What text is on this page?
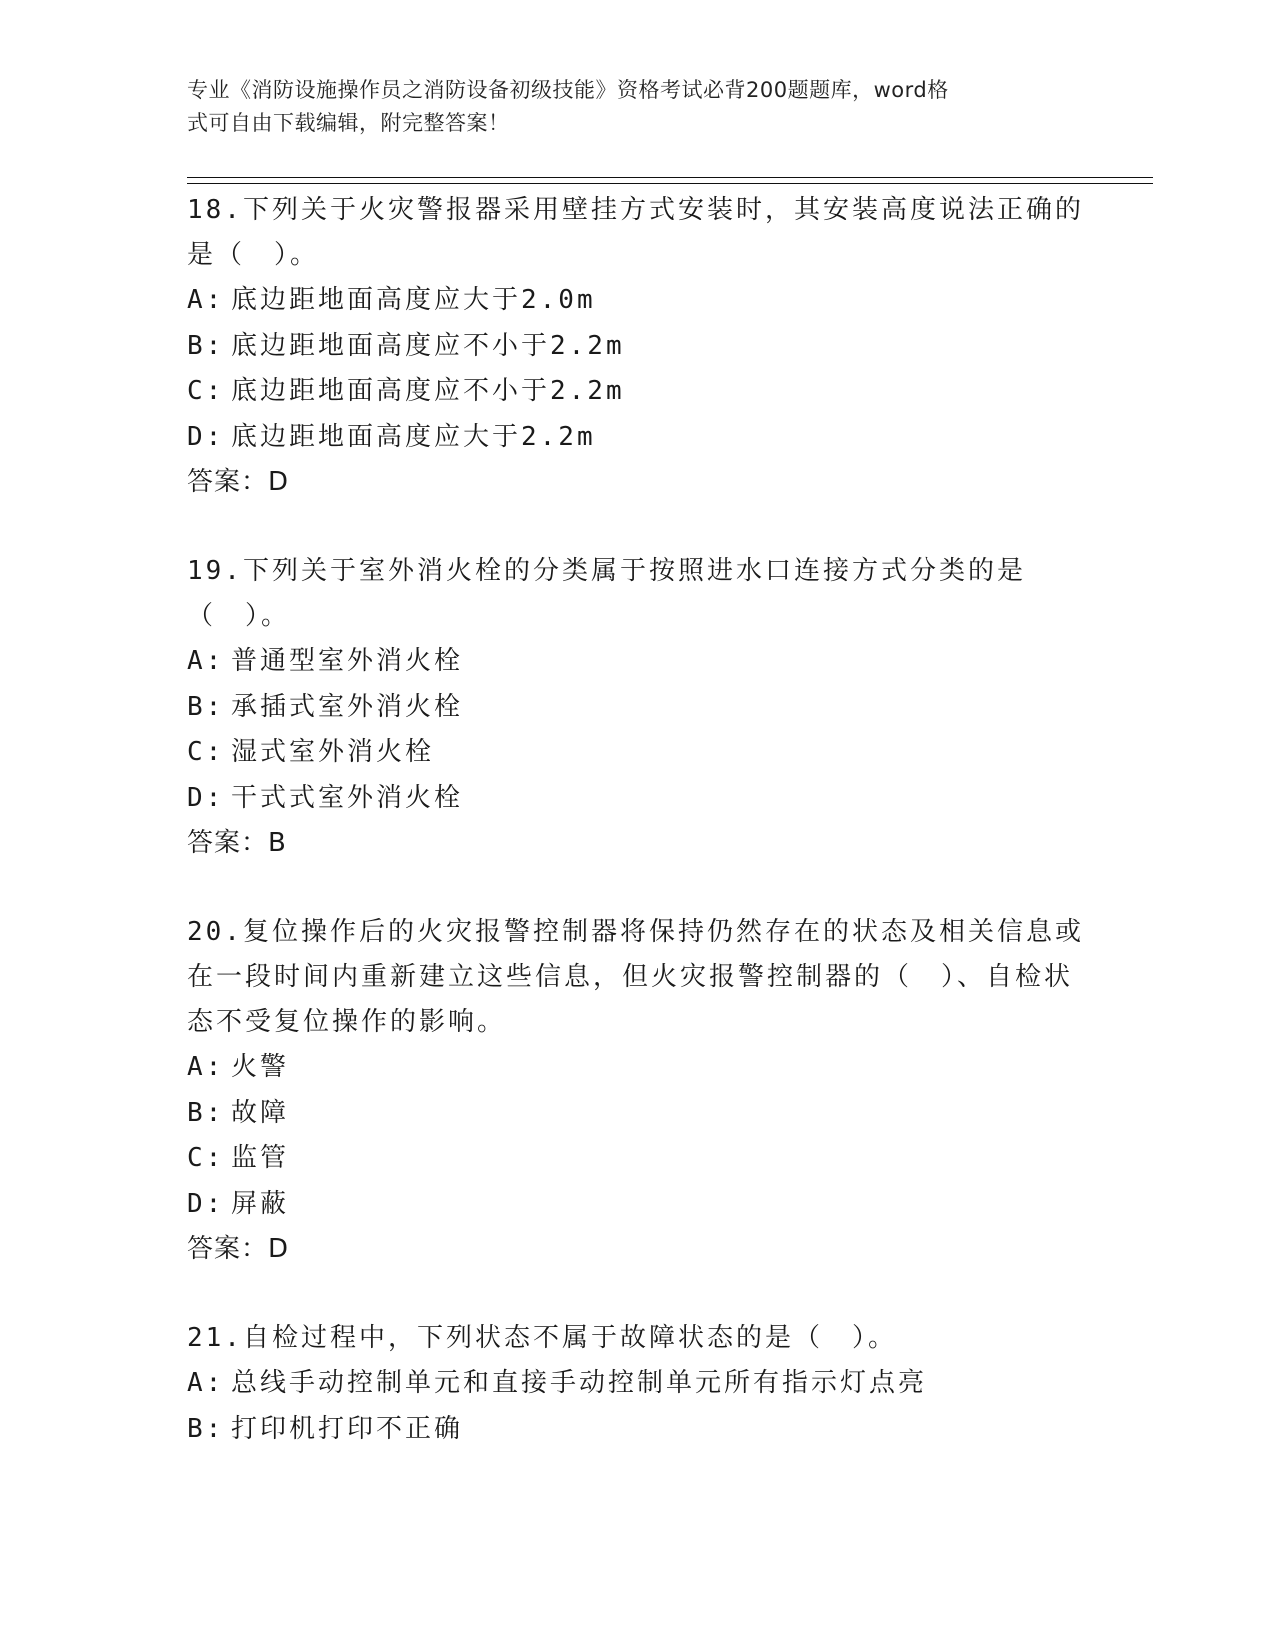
专业《消防设施操作员之消防设备初级技能》资格考试必背200题题库，word格
式可自由下载编辑，附完整答案！

18.下列关于火灾警报器采用壁挂方式安装时，其安装高度说法正确的是（　）。

A: 底边距地面高度应大于2.0m

B: 底边距地面高度应不小于2.2m

C: 底边距地面高度应不小于2.2m

D: 底边距地面高度应大于2.2m

答案：D

19.下列关于室外消火栓的分类属于按照进水口连接方式分类的是（　）。

A: 普通型室外消火栓

B: 承插式室外消火栓

C: 湿式室外消火栓

D: 干式式室外消火栓

答案：B

20.复位操作后的火灾报警控制器将保持仍然存在的状态及相关信息或在一段时间内重新建立这些信息，但火灾报警控制器的（　）、自检状态不受复位操作的影响。

A: 火警

B: 故障

C: 监管

D: 屏蔽

答案：D

21.自检过程中，下列状态不属于故障状态的是（　）。

A: 总线手动控制单元和直接手动控制单元所有指示灯点亮

B: 打印机打印不正确
